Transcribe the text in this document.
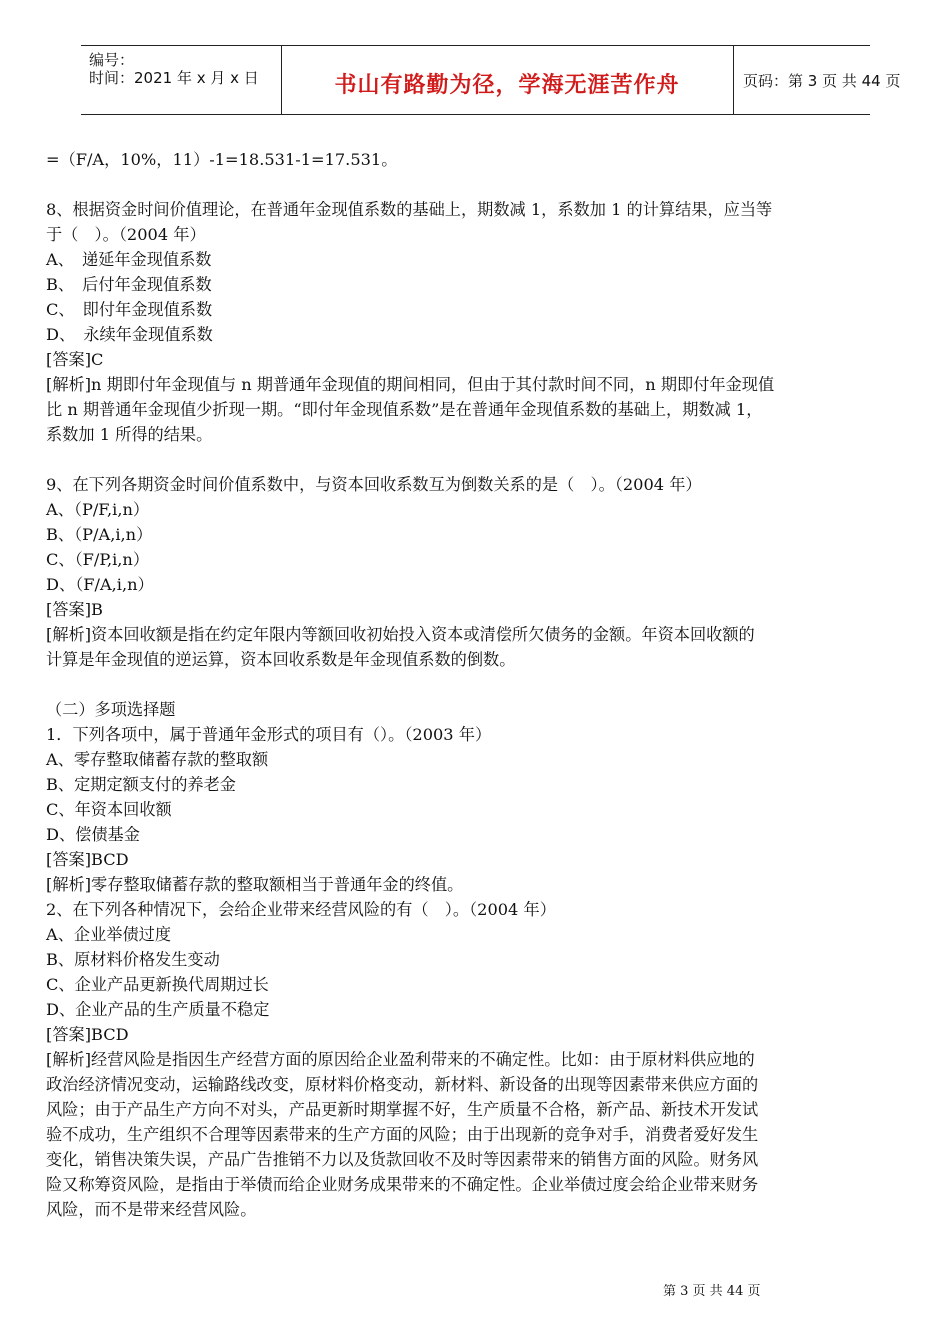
编号：
时间：2021 年 x 月 x 日	书山有路勤为径，学海无涯苦作舟	页码：第 3 页 共 44 页
=（F/A，10%，11）-1=18.531-1=17.531。
8、根据资金时间价值理论，在普通年金现值系数的基础上，期数减 1，系数加 1 的计算结果，应当等
于（　）。（2004 年）
A、　递延年金现值系数
B、　后付年金现值系数
C、　即付年金现值系数
D、　永续年金现值系数
[答案]C
[解析]n 期即付年金现值与 n 期普通年金现值的期间相同，但由于其付款时间不同，n 期即付年金现值
比 n 期普通年金现值少折现一期。“即付年金现值系数”是在普通年金现值系数的基础上，期数减 1，
系数加 1 所得的结果。
9、在下列各期资金时间价值系数中，与资本回收系数互为倒数关系的是（　）。（2004 年）
A、（P/F,i,n）
B、（P/A,i,n）
C、（F/P,i,n）
D、（F/A,i,n）
[答案]B
[解析]资本回收额是指在约定年限内等额回收初始投入资本或清偿所欠债务的金额。年资本回收额的
计算是年金现值的逆运算，资本回收系数是年金现值系数的倒数。
（二）多项选择题
1．下列各项中，属于普通年金形式的项目有（）。（2003 年）
A、零存整取储蓄存款的整取额
B、定期定额支付的养老金
C、年资本回收额
D、偿债基金
[答案]BCD
[解析]零存整取储蓄存款的整取额相当于普通年金的终值。
2、在下列各种情况下，会给企业带来经营风险的有（　）。（2004 年）
A、企业举债过度
B、原材料价格发生变动
C、企业产品更新换代周期过长
D、企业产品的生产质量不稳定
[答案]BCD
[解析]经营风险是指因生产经营方面的原因给企业盈利带来的不确定性。比如：由于原材料供应地的
政治经济情况变动，运输路线改变，原材料价格变动，新材料、新设备的出现等因素带来供应方面的
风险；由于产品生产方向不对头，产品更新时期掌握不好，生产质量不合格，新产品、新技术开发试
验不成功，生产组织不合理等因素带来的生产方面的风险；由于出现新的竞争对手，消费者爱好发生
变化，销售决策失误，产品广告推销不力以及货款回收不及时等因素带来的销售方面的风险。财务风
险又称筹资风险，是指由于举债而给企业财务成果带来的不确定性。企业举债过度会给企业带来财务
风险，而不是带来经营风险。
第 3 页 共 44 页
